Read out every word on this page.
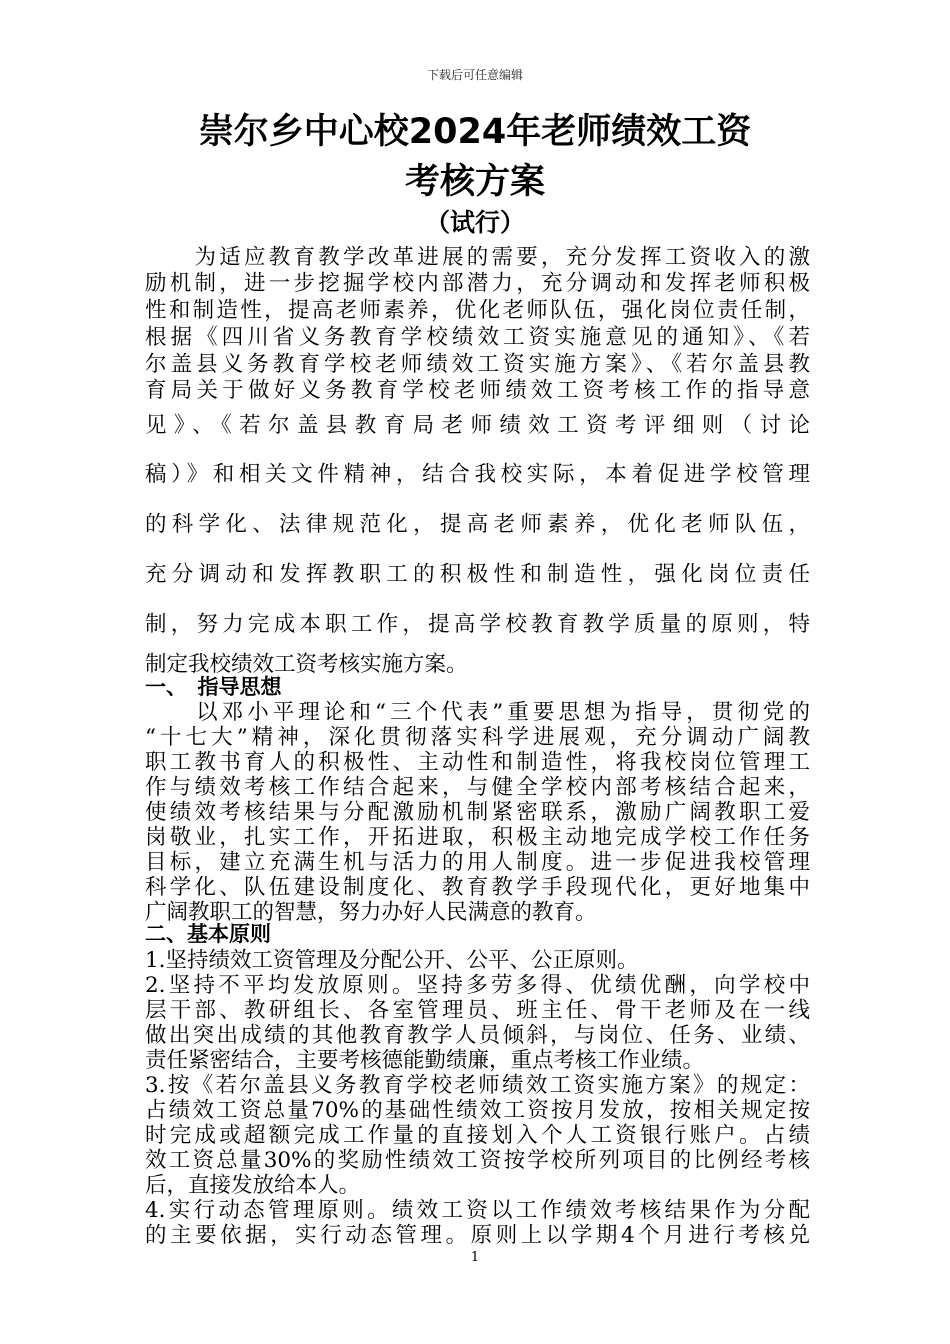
下载后可任意编辑
崇尔乡中心校2024年老师绩效工资
考核方案
（试行）
　　为适应教育教学改革进展的需要，充分发挥工资收入的激
励机制，进一步挖掘学校内部潜力，充分调动和发挥老师积极
性和制造性，提高老师素养，优化老师队伍，强化岗位责任制，
根据《四川省义务教育学校绩效工资实施意见的通知》、《若
尔盖县义务教育学校老师绩效工资实施方案》、《若尔盖县教
育局关于做好义务教育学校老师绩效工资考核工作的指导意
见》、《若尔盖县教育局老师绩效工资考评细则（讨论
稿）》和相关文件精神，结合我校实际，本着促进学校管理
的科学化、法律规范化，提高老师素养，优化老师队伍，
充分调动和发挥教职工的积极性和制造性，强化岗位责任
制，努力完成本职工作，提高学校教育教学质量的原则，特
制定我校绩效工资考核实施方案。
一、　指导思想
　　以邓小平理论和“三个代表”重要思想为指导，贯彻党的
“十七大”精神，深化贯彻落实科学进展观，充分调动广阔教
职工教书育人的积极性、主动性和制造性，将我校岗位管理工
作与绩效考核工作结合起来，与健全学校内部考核结合起来，
使绩效考核结果与分配激励机制紧密联系，激励广阔教职工爱
岗敬业，扎实工作，开拓进取，积极主动地完成学校工作任务
目标，建立充满生机与活力的用人制度。进一步促进我校管理
科学化、队伍建设制度化、教育教学手段现代化，更好地集中
广阔教职工的智慧，努力办好人民满意的教育。
二、基本原则
1.坚持绩效工资管理及分配公开、公平、公正原则。
2.坚持不平均发放原则。坚持多劳多得、优绩优酬，向学校中
层干部、教研组长、各室管理员、班主任、骨干老师及在一线
做出突出成绩的其他教育教学人员倾斜，与岗位、任务、业绩、
责任紧密结合，主要考核德能勤绩廉，重点考核工作业绩。
3.按《若尔盖县义务教育学校老师绩效工资实施方案》的规定：
占绩效工资总量70%的基础性绩效工资按月发放，按相关规定按
时完成或超额完成工作量的直接划入个人工资银行账户。占绩
效工资总量30%的奖励性绩效工资按学校所列项目的比例经考核
后，直接发放给本人。
4.实行动态管理原则。绩效工资以工作绩效考核结果作为分配
的主要依据，实行动态管理。原则上以学期4个月进行考核兑
1
